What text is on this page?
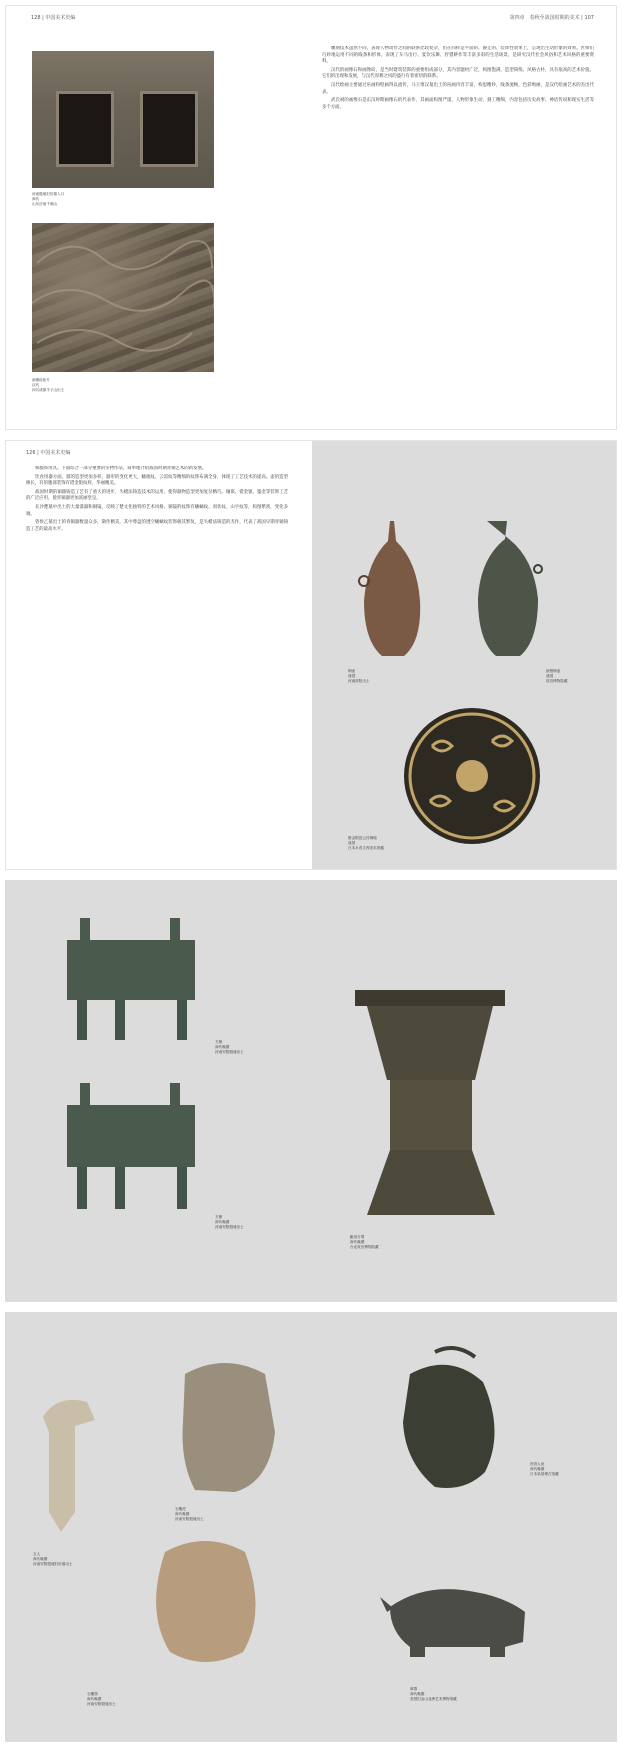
128 | 中国美术史编	第四章　春秋至战国时期的美术 | 107
河南殷墟妇好墓入口
商代
山东济南千佛山
画像砖拓片
汉代
四川成都羊子山出土

雕刻技术虽然不同，表现人物动作之间的联系比较复杂，但在同样是平面的、静止的、装饰性效果上，呈现出生动形象的效果。匠师们巧妙地运用不同的线条和形体，表现了车马出行、宴饮乐舞、狩猎耕作等丰富多彩的生活场景，是研究汉代社会风俗和艺术风格的重要资料。

汉代的画像石和画像砖，是当时建筑装饰的重要组成部分，其内容题材广泛，构图饱满，造型简练，风格古朴，具有很高的艺术价值。它们的出现和发展，与汉代厚葬之风的盛行有着密切的联系。

汉代绘画主要通过帛画和壁画得以流传，马王堆汉墓出土的帛画内容丰富，构思精妙，线条流畅，色彩绚丽，是汉代绘画艺术的杰出代表。

武氏祠的画像石是东汉时期画像石的代表作，其画面构图严谨，人物形象生动，刻工精细，内容包括历史故事、神话传说和现实生活等多个方面。

126 | 中国美术史编

和服饰用具。下面综合一部分重要的实物作品，简单地介绍战国时期青铜艺术的新发展。

饮食用器方面，鼎的造型更加多样，器形的变化更大，蟠虺纹、云雷纹等精细的纹饰布满全身，体现了工艺技术的提高。壶的造型修长，有的腹部装饰有错金银纹样，华丽精美。

战国时期的铜器铸造工艺有了重大的进步，失蜡法铸造技术的运用，使得器物造型更加复杂精巧。镶嵌、错金银、鎏金等装饰工艺的广泛应用，使青铜器更加富丽堂皇。

长沙楚墓中出土的大量漆器和铜镜，反映了楚文化独特的艺术风格。铜镜的纹饰有蟠螭纹、羽状纹、山字纹等，构图繁密，变化多端。

曾侯乙墓出土的青铜器数量众多，制作精美，其中尊盘的透空蟠螭纹装饰极其繁复，是失蜡法铸造的杰作，代表了战国早期青铜铸造工艺的最高水平。

铜壶
战国
河南洛阳出土
嵌错铜壶
战国
故宫博物院藏
错金银卷云纹铜镜
战国
日本永青文库美术馆藏
方鼎
商代晚期
河南安阳殷墟出土
方鼎
商代晚期
河南安阳殷墟出土
觚形方尊
商代晚期
台北故宫博物院藏
玉人
商代晚期
河南安阳殷墟妇好墓出土
石雕虎
商代晚期
河南安阳殷墟出土
虎食人卣
商代晚期
日本泉屋博古馆藏
石雕鸮
商代晚期
河南安阳殷墟出土
犀尊
商代晚期
美国旧金山亚洲艺术博物馆藏
